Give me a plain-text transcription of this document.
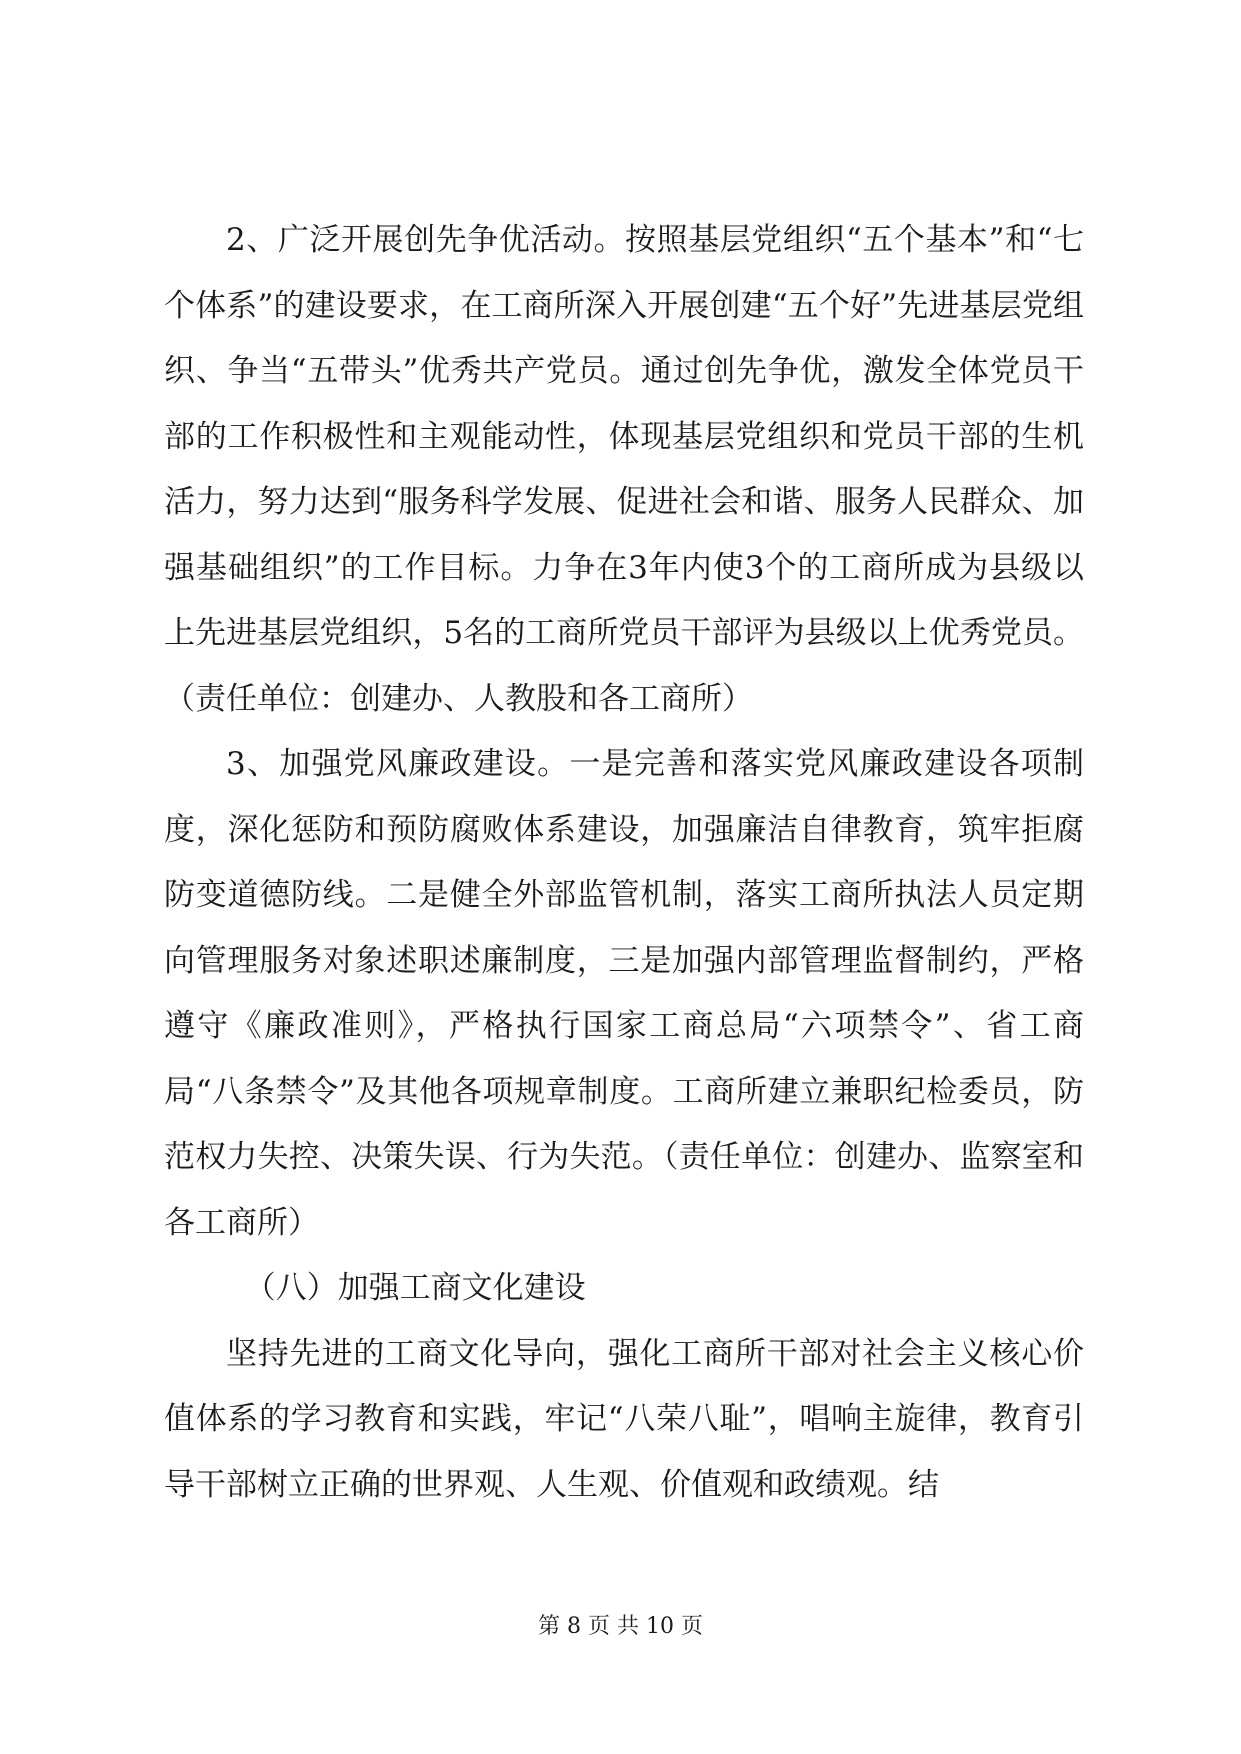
2、广泛开展创先争优活动。按照基层党组织“五个基本”和“七个体系”的建设要求，在工商所深入开展创建“五个好”先进基层党组织、争当“五带头”优秀共产党员。通过创先争优，激发全体党员干部的工作积极性和主观能动性，体现基层党组织和党员干部的生机活力，努力达到“服务科学发展、促进社会和谐、服务人民群众、加强基础组织”的工作目标。力争在3年内使3个的工商所成为县级以上先进基层党组织，5名的工商所党员干部评为县级以上优秀党员。（责任单位：创建办、人教股和各工商所）

3、加强党风廉政建设。一是完善和落实党风廉政建设各项制度，深化惩防和预防腐败体系建设，加强廉洁自律教育，筑牢拒腐防变道德防线。二是健全外部监管机制，落实工商所执法人员定期向管理服务对象述职述廉制度，三是加强内部管理监督制约，严格遵守《廉政准则》，严格执行国家工商总局“六项禁令”、省工商局“八条禁令”及其他各项规章制度。工商所建立兼职纪检委员，防范权力失控、决策失误、行为失范。（责任单位：创建办、监察室和各工商所）

（八）加强工商文化建设

坚持先进的工商文化导向，强化工商所干部对社会主义核心价值体系的学习教育和实践，牢记“八荣八耻”，唱响主旋律，教育引导干部树立正确的世界观、人生观、价值观和政绩观。结

第 8 页 共 10 页
